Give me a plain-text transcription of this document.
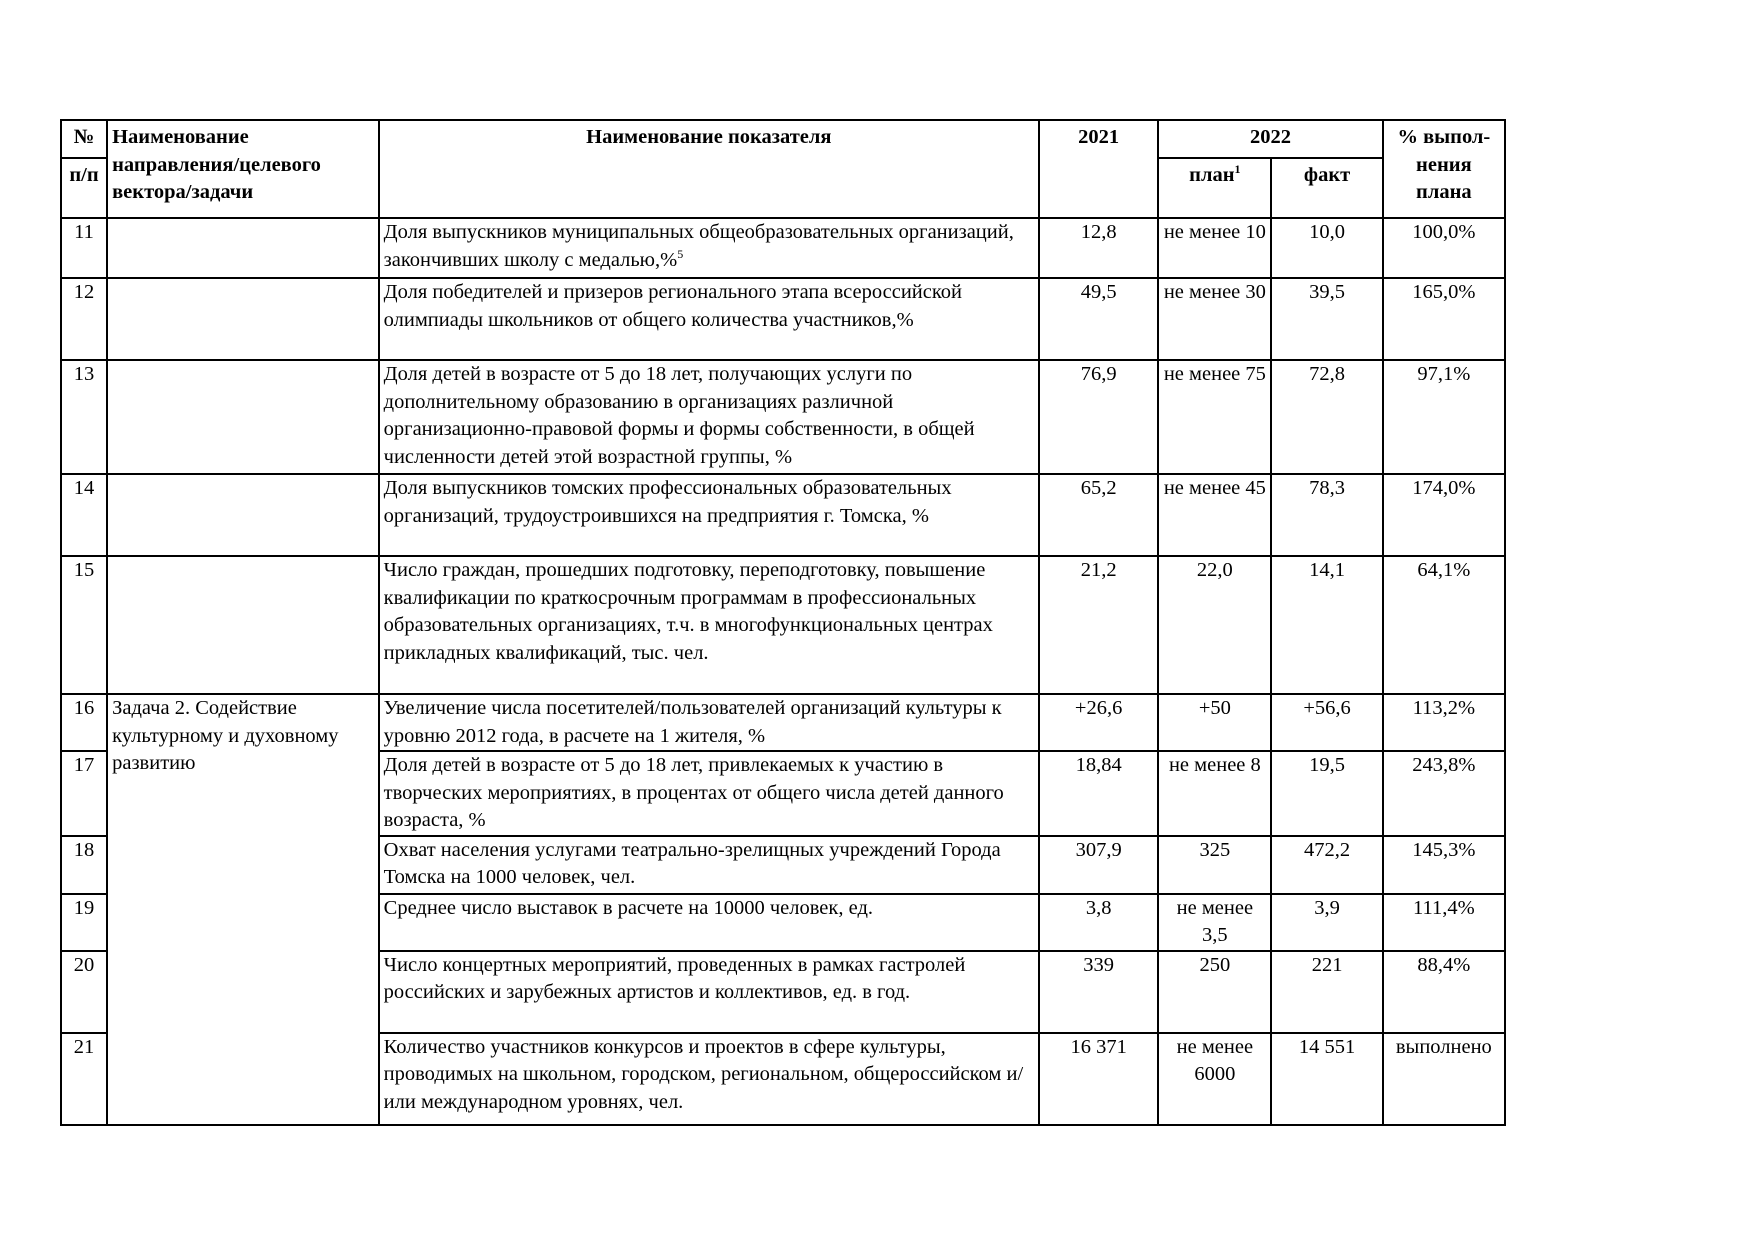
№	Наименование направления/целевого вектора/задачи	Наименование показателя	2021	2022		% выпол-нения плана
п/п				план$^1$	факт	
11		Доля выпускников муниципальных общеобразовательных организаций, закончивших школу с медалью,%$^5$	12,8	не менее 10	10,0	100,0%
12		Доля победителей и призеров регионального этапа всероссийской олимпиады школьников от общего количества участников,%	49,5	не менее 30	39,5	165,0%
13		Доля детей в возрасте от 5 до 18 лет, получающих услуги по дополнительному образованию в организациях различной организационно-правовой формы и формы собственности, в общей численности детей этой возрастной группы, %	76,9	не менее 75	72,8	97,1%
14		Доля выпускников томских профессиональных образовательных организаций, трудоустроившихся на предприятия г. Томска, %	65,2	не менее 45	78,3	174,0%
15		Число граждан, прошедших подготовку, переподготовку, повышение квалификации по краткосрочным программам в профессиональных образовательных организациях, т.ч. в многофункциональных центрах прикладных квалификаций, тыс. чел.	21,2	22,0	14,1	64,1%
16	Задача 2. Содействие культурному и духовному развитию	Увеличение числа посетителей/пользователей организаций культуры к уровню 2012 года, в расчете на 1 жителя, %	+26,6	+50	+56,6	113,2%
17		Доля детей в возрасте от 5 до 18 лет, привлекаемых к участию в творческих мероприятиях, в процентах от общего числа детей данного возраста, %	18,84	не менее 8	19,5	243,8%
18		Охват населения услугами театрально-зрелищных учреждений Города Томска на 1000 человек, чел.	307,9	325	472,2	145,3%
19		Среднее число выставок в расчете на 10000 человек, ед.	3,8	не менее 3,5	3,9	111,4%
20		Число концертных мероприятий, проведенных в рамках гастролей российских и зарубежных артистов и коллективов, ед. в год.	339	250	221	88,4%
21		Количество участников конкурсов и проектов в сфере культуры, проводимых на школьном, городском, региональном, общероссийском и/или международном уровнях, чел.	16 371	не менее 6000	14 551	выполнено
